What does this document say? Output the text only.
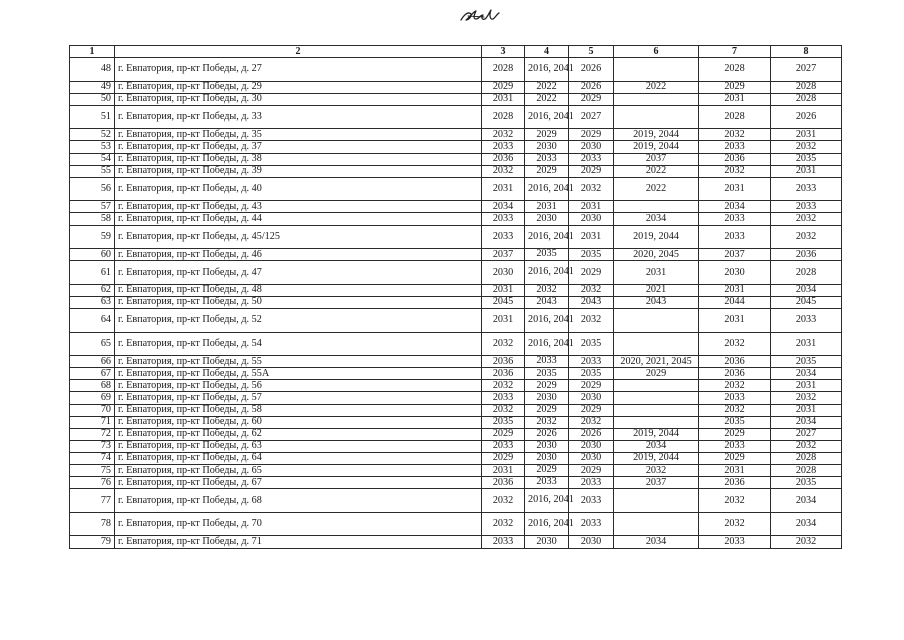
1	2	3	4	5	6	7	8
48	г. Евпатория, пр-кт Победы, д. 27	2028	2016, 2041	2026		2028	2027
49	г. Евпатория, пр-кт Победы, д. 29	2029	2022	2026	2022	2029	2028
50	г. Евпатория, пр-кт Победы, д. 30	2031	2022	2029		2031	2028
51	г. Евпатория, пр-кт Победы, д. 33	2028	2016, 2041	2027		2028	2026
52	г. Евпатория, пр-кт Победы, д. 35	2032	2029	2029	2019, 2044	2032	2031
53	г. Евпатория, пр-кт Победы, д. 37	2033	2030	2030	2019, 2044	2033	2032
54	г. Евпатория, пр-кт Победы, д. 38	2036	2033	2033	2037	2036	2035
55	г. Евпатория, пр-кт Победы, д. 39	2032	2029	2029	2022	2032	2031
56	г. Евпатория, пр-кт Победы, д. 40	2031	2016, 2041	2032	2022	2031	2033
57	г. Евпатория, пр-кт Победы, д. 43	2034	2031	2031		2034	2033
58	г. Евпатория, пр-кт Победы, д. 44	2033	2030	2030	2034	2033	2032
59	г. Евпатория, пр-кт Победы, д. 45/125	2033	2016, 2041	2031	2019, 2044	2033	2032
60	г. Евпатория, пр-кт Победы, д. 46	2037	2035	2035	2020, 2045	2037	2036
61	г. Евпатория, пр-кт Победы, д. 47	2030	2016, 2041	2029	2031	2030	2028
62	г. Евпатория, пр-кт Победы, д. 48	2031	2032	2032	2021	2031	2034
63	г. Евпатория, пр-кт Победы, д. 50	2045	2043	2043	2043	2044	2045
64	г. Евпатория, пр-кт Победы, д. 52	2031	2016, 2041	2032		2031	2033
65	г. Евпатория, пр-кт Победы, д. 54	2032	2016, 2041	2035		2032	2031
66	г. Евпатория, пр-кт Победы, д. 55	2036	2033	2033	2020, 2021, 2045	2036	2035
67	г. Евпатория, пр-кт Победы, д. 55А	2036	2035	2035	2029	2036	2034
68	г. Евпатория, пр-кт Победы, д. 56	2032	2029	2029		2032	2031
69	г. Евпатория, пр-кт Победы, д. 57	2033	2030	2030		2033	2032
70	г. Евпатория, пр-кт Победы, д. 58	2032	2029	2029		2032	2031
71	г. Евпатория, пр-кт Победы, д. 60	2035	2032	2032		2035	2034
72	г. Евпатория, пр-кт Победы, д. 62	2029	2026	2026	2019, 2044	2029	2027
73	г. Евпатория, пр-кт Победы, д. 63	2033	2030	2030	2034	2033	2032
74	г. Евпатория, пр-кт Победы, д. 64	2029	2030	2030	2019, 2044	2029	2028
75	г. Евпатория, пр-кт Победы, д. 65	2031	2029	2029	2032	2031	2028
76	г. Евпатория, пр-кт Победы, д. 67	2036	2033	2033	2037	2036	2035
77	г. Евпатория, пр-кт Победы, д. 68	2032	2016, 2041	2033		2032	2034
78	г. Евпатория, пр-кт Победы, д. 70	2032	2016, 2041	2033		2032	2034
79	г. Евпатория, пр-кт Победы, д. 71	2033	2030	2030	2034	2033	2032
